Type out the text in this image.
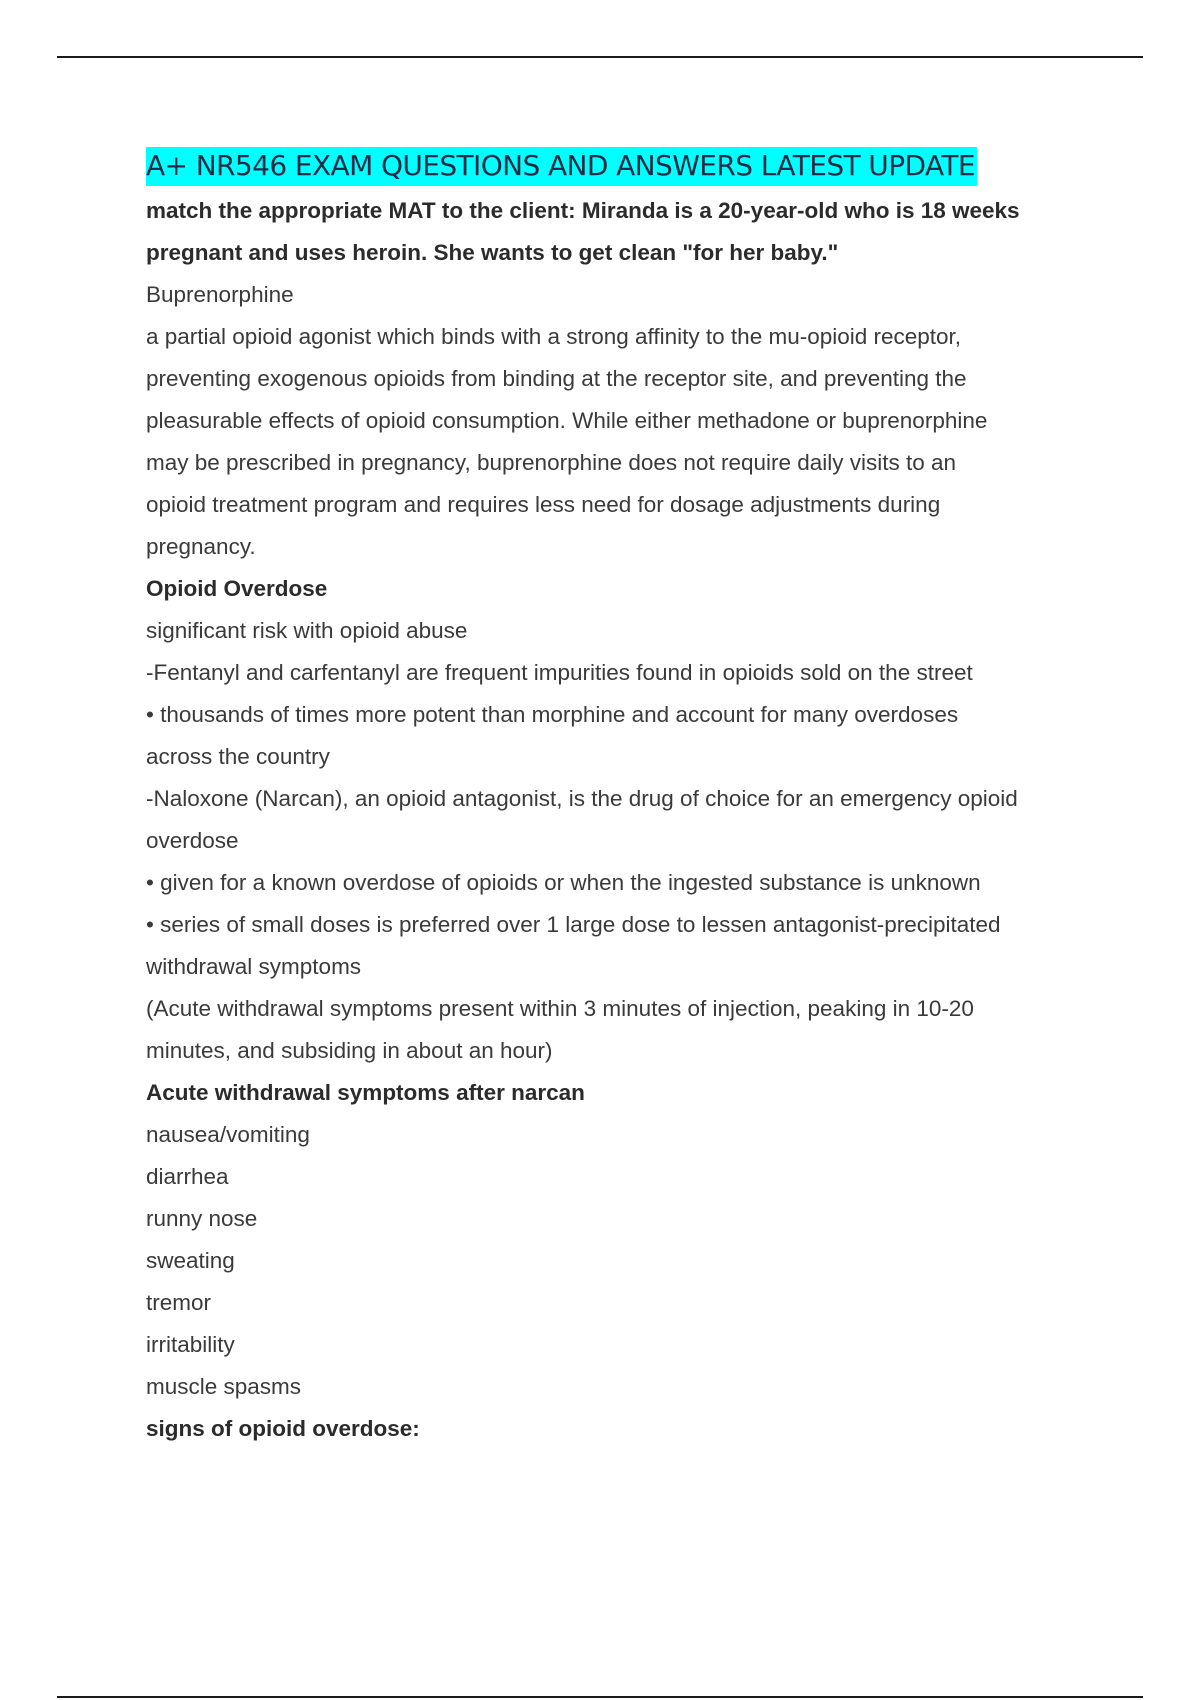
A+ NR546 EXAM QUESTIONS AND ANSWERS LATEST UPDATE

match the appropriate MAT to the client: Miranda is a 20-year-old who is 18 weeks

pregnant and uses heroin. She wants to get clean "for her baby."

Buprenorphine

a partial opioid agonist which binds with a strong affinity to the mu-opioid receptor,

preventing exogenous opioids from binding at the receptor site, and preventing the

pleasurable effects of opioid consumption. While either methadone or buprenorphine

may be prescribed in pregnancy, buprenorphine does not require daily visits to an

opioid treatment program and requires less need for dosage adjustments during

pregnancy.

Opioid Overdose

significant risk with opioid abuse

-Fentanyl and carfentanyl are frequent impurities found in opioids sold on the street

• thousands of times more potent than morphine and account for many overdoses

across the country

-Naloxone (Narcan), an opioid antagonist, is the drug of choice for an emergency opioid

overdose

• given for a known overdose of opioids or when the ingested substance is unknown

• series of small doses is preferred over 1 large dose to lessen antagonist-precipitated

withdrawal symptoms

(Acute withdrawal symptoms present within 3 minutes of injection, peaking in 10-20

minutes, and subsiding in about an hour)

Acute withdrawal symptoms after narcan

nausea/vomiting

diarrhea

runny nose

sweating

tremor

irritability

muscle spasms

signs of opioid overdose:
